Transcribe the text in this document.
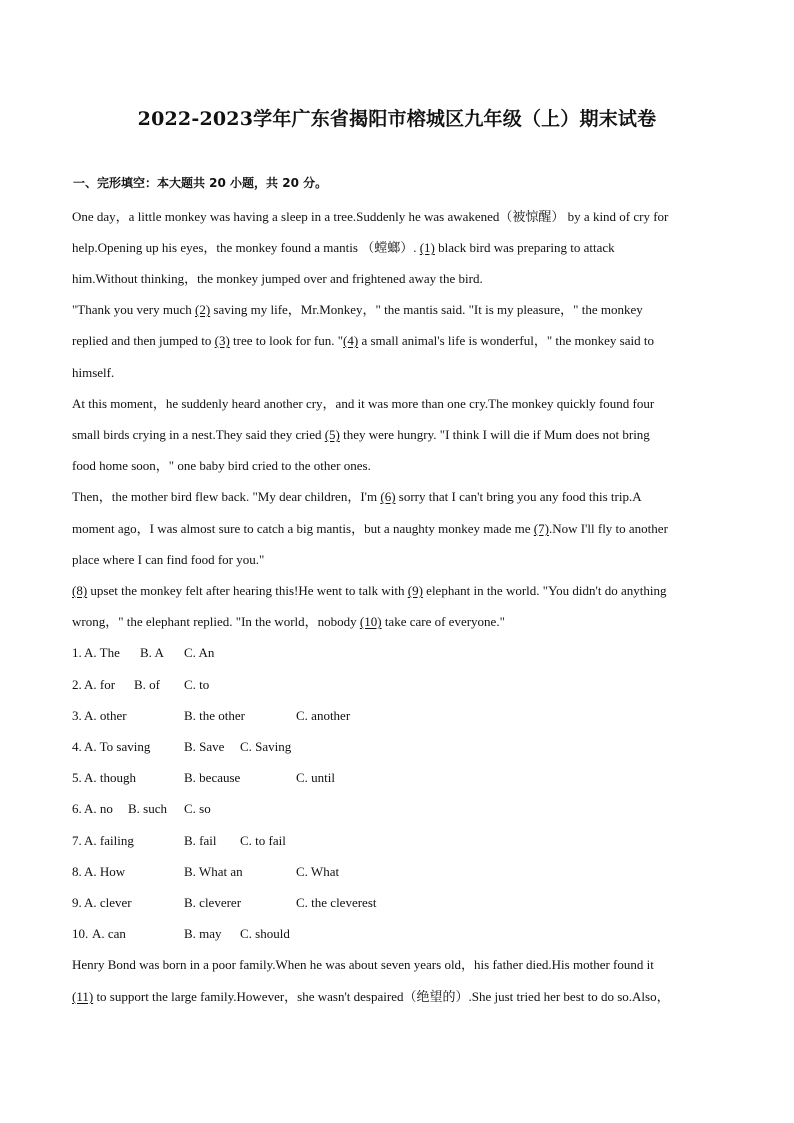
2022-2023学年广东省揭阳市榕城区九年级（上）期末试卷
一、完形填空：本大题共 20 小题，共 20 分。
One day，a little monkey was having a sleep in a tree.Suddenly he was awakened（被惊醒） by a kind of cry for
help.Opening up his eyes，the monkey found a mantis （螳螂）. (1) black bird was preparing to attack
him.Without thinking，the monkey jumped over and frightened away the bird.
"Thank you very much (2) saving my life，Mr.Monkey，" the mantis said. "It is my pleasure，" the monkey
replied and then jumped to (3) tree to look for fun. "(4) a small animal's life is wonderful，" the monkey said to
himself.
At this moment，he suddenly heard another cry，and it was more than one cry.The monkey quickly found four
small birds crying in a nest.They said they cried (5) they were hungry. "I think I will die if Mum does not bring
food home soon，" one baby bird cried to the other ones.
Then，the mother bird flew back. "My dear children，I'm (6) sorry that I can't bring you any food this trip.A
moment ago，I was almost sure to catch a big mantis，but a naughty monkey made me (7).Now I'll fly to another
place where I can find food for you."
(8) upset the monkey felt after hearing this!He went to talk with (9) elephant in the world. "You didn't do anything
wrong，" the elephant replied. "In the world，nobody (10) take care of everyone."
1. A. The B. A C. An
2. A. for B. of C. to
3. A. other	B. the other	C. another
4. A. To saving	B. Save C. Saving
5. A. though	B. because	C. until
6. A. no B. such C. so
7. A. failing	B. fail C. to fail
8. A. How	B. What an	C. What
9. A. clever	B. cleverer	C. the cleverest
10. A. can	B. may C. should
Henry Bond was born in a poor family.When he was about seven years old，his father died.His mother found it
(11) to support the large family.However，she wasn't despaired（绝望的）.She just tried her best to do so.Also，
